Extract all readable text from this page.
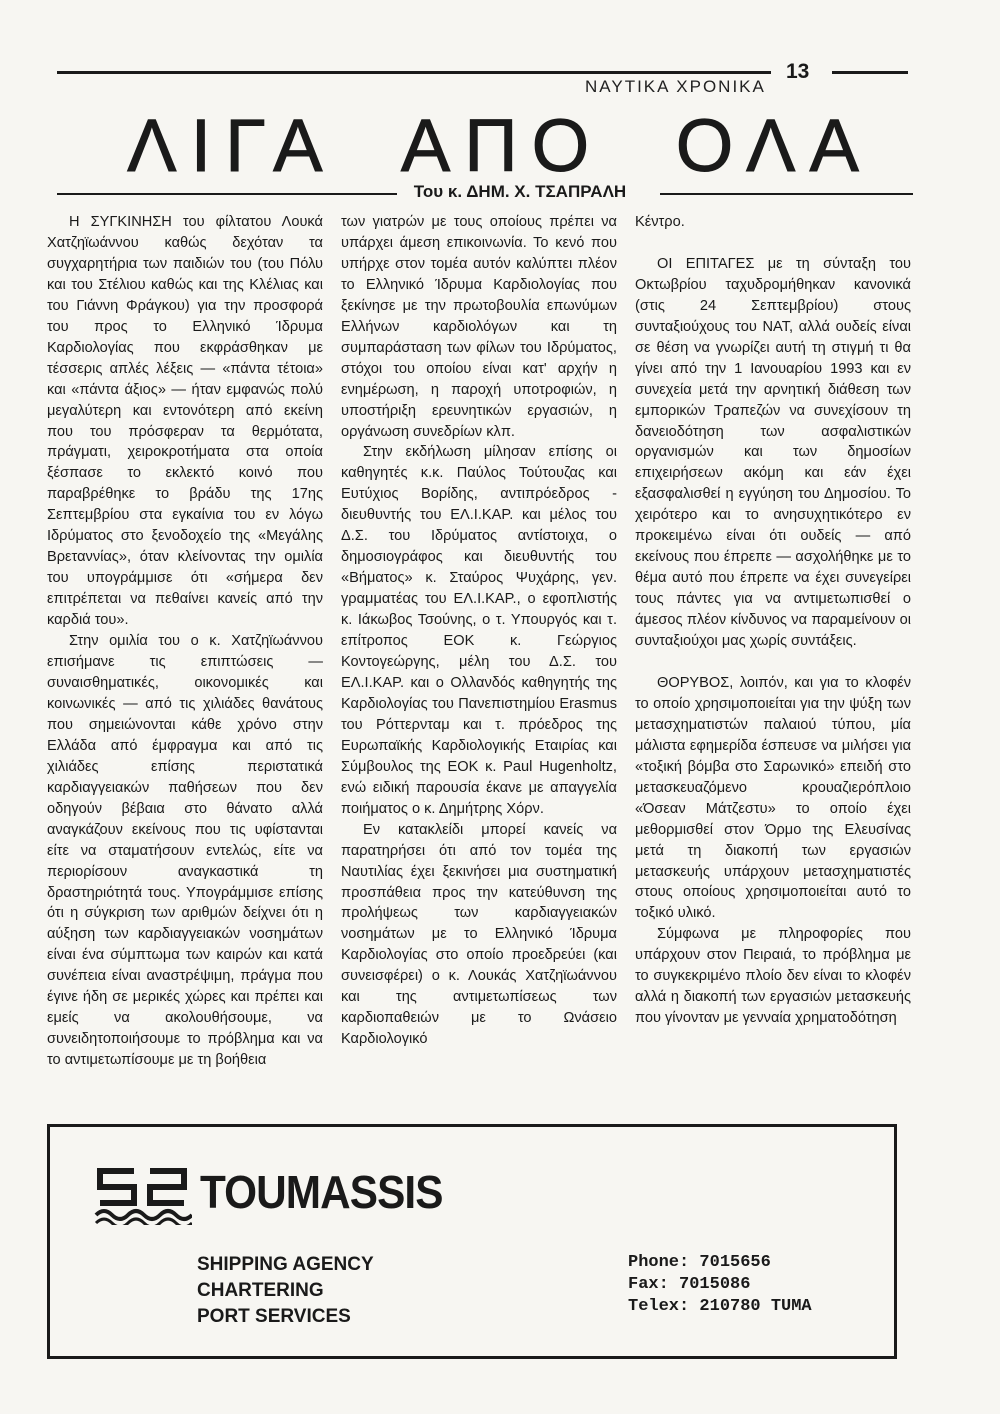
ΝΑΥΤΙΚΑ ΧΡΟΝΙΚΑ
13
ΛΙΓΑ ΑΠΟ ΟΛΑ
Του κ. ΔΗΜ. Χ. ΤΣΑΠΡΑΛΗ

Η ΣΥΓΚΙΝΗΣΗ του φίλτατου Λουκά Χατζηϊωάννου καθώς δεχόταν τα συγχαρητήρια των παιδιών του (του Πόλυ και του Στέλιου καθώς και της Κλέλιας και του Γιάννη Φράγκου) για την προσφορά του προς το Ελληνικό Ίδρυμα Καρδιολογίας που εκφράσθηκαν με τέσσερις απλές λέξεις — «πάντα τέτοια» και «πάντα άξιος» — ήταν εμφανώς πολύ μεγαλύτερη και εντονότερη από εκείνη που του πρόσφεραν τα θερμότατα, πράγματι, χειροκροτήματα στα οποία ξέσπασε το εκλεκτό κοινό που παραβρέθηκε το βράδυ της 17ης Σεπτεμβρίου στα εγκαίνια του εν λόγω Ιδρύματος στο ξενοδοχείο της «Μεγάλης Βρεταννίας», όταν κλείνοντας την ομιλία του υπογράμμισε ότι «σήμερα δεν επιτρέπεται να πεθαίνει κανείς από την καρδιά του».

Στην ομιλία του ο κ. Χατζηϊωάννου επισήμανε τις επιπτώσεις — συναισθηματικές, οικονομικές και κοινωνικές — από τις χιλιάδες θανάτους που σημειώνονται κάθε χρόνο στην Ελλάδα από έμφραγμα και από τις χιλιάδες επίσης περιστατικά καρδιαγγειακών παθήσεων που δεν οδηγούν βέβαια στο θάνατο αλλά αναγκάζουν εκείνους που τις υφίστανται είτε να σταματήσουν εντελώς, είτε να περιορίσουν αναγκαστικά τη δραστηριότητά τους. Υπογράμμισε επίσης ότι η σύγκριση των αριθμών δείχνει ότι η αύξηση των καρδιαγγειακών νοσημάτων είναι ένα σύμπτωμα των καιρών και κατά συνέπεια είναι αναστρέψιμη, πράγμα που έγινε ήδη σε μερικές χώρες και πρέπει και εμείς να ακολουθήσουμε, να συνειδητοποιήσουμε το πρόβλημα και να το αντιμετωπίσουμε με τη βοήθεια

των γιατρών με τους οποίους πρέπει να υπάρχει άμεση επικοινωνία. Το κενό που υπήρχε στον τομέα αυτόν καλύπτει πλέον το Ελληνικό Ίδρυμα Καρδιολογίας που ξεκίνησε με την πρωτοβουλία επωνύμων Ελλήνων καρδιολόγων και τη συμπαράσταση των φίλων του Ιδρύματος, στόχοι του οποίου είναι κατ' αρχήν η ενημέρωση, η παροχή υποτροφιών, η υποστήριξη ερευνητικών εργασιών, η οργάνωση συνεδρίων κλπ.

Στην εκδήλωση μίλησαν επίσης οι καθηγητές κ.κ. Παύλος Τούτουζας και Ευτύχιος Βορίδης, αντιπρόεδρος - διευθυντής του ΕΛ.Ι.ΚΑΡ. και μέλος του Δ.Σ. του Ιδρύματος αντίστοιχα, ο δημοσιογράφος και διευθυντής του «Βήματος» κ. Σταύρος Ψυχάρης, γεν. γραμματέας του ΕΛ.Ι.ΚΑΡ., ο εφοπλιστής κ. Ιάκωβος Τσούνης, ο τ. Υπουργός και τ. επίτροπος ΕΟΚ κ. Γεώργιος Κοντογεώργης, μέλη του Δ.Σ. του ΕΛ.Ι.ΚΑΡ. και ο Ολλανδός καθηγητής της Καρδιολογίας του Πανεπιστημίου Erasmus του Ρόττερνταμ και τ. πρόεδρος της Ευρωπαϊκής Καρδιολογικής Εταιρίας και Σύμβουλος της ΕΟΚ κ. Paul Hugenholtz, ενώ ειδική παρουσία έκανε με απαγγελία ποιήματος ο κ. Δημήτρης Χόρν.

Εν κατακλείδι μπορεί κανείς να παρατηρήσει ότι από τον τομέα της Ναυτιλίας έχει ξεκινήσει μια συστηματική προσπάθεια προς την κατεύθυνση της προλήψεως των καρδιαγγειακών νοσημάτων με το Ελληνικό Ίδρυμα Καρδιολογίας στο οποίο προεδρεύει (και συνεισφέρει) ο κ. Λουκάς Χατζηϊωάννου και της αντιμετωπίσεως των καρδιοπαθειών με το Ωνάσειο Καρδιολογικό

Κέντρο.

ΟΙ ΕΠΙΤΑΓΕΣ με τη σύνταξη του Οκτωβρίου ταχυδρομήθηκαν κανονικά (στις 24 Σεπτεμβρίου) στους συνταξιούχους του ΝΑΤ, αλλά ουδείς είναι σε θέση να γνωρίζει αυτή τη στιγμή τι θα γίνει από την 1 Ιανουαρίου 1993 και εν συνεχεία μετά την αρνητική διάθεση των εμπορικών Τραπεζών να συνεχίσουν τη δανειοδότηση των ασφαλιστικών οργανισμών και των δημοσίων επιχειρήσεων ακόμη και εάν έχει εξασφαλισθεί η εγγύηση του Δημοσίου. Το χειρότερο και το ανησυχητικότερο εν προκειμένω είναι ότι ουδείς — από εκείνους που έπρεπε — ασχολήθηκε με το θέμα αυτό που έπρεπε να έχει συνεγείρει τους πάντες για να αντιμετωπισθεί ο άμεσος πλέον κίνδυνος να παραμείνουν οι συνταξιούχοι μας χωρίς συντάξεις.

ΘΟΡΥΒΟΣ, λοιπόν, και για το κλοφέν το οποίο χρησιμοποιείται για την ψύξη των μετασχηματιστών παλαιού τύπου, μία μάλιστα εφημερίδα έσπευσε να μιλήσει για «τοξική βόμβα στο Σαρωνικό» επειδή στο μετασκευαζόμενο κρουαζιερόπλοιο «Όσεαν Μάτζεστυ» το οποίο έχει μεθορμισθεί στον Όρμο της Ελευσίνας μετά τη διακοπή των εργασιών μετασκευής υπάρχουν μετασχηματιστές στους οποίους χρησιμοποιείται αυτό το τοξικό υλικό.

Σύμφωνα με πληροφορίες που υπάρχουν στον Πειραιά, το πρόβλημα με το συγκεκριμένο πλοίο δεν είναι το κλοφέν αλλά η διακοπή των εργασιών μετασκευής που γίνονταν με γενναία χρηματοδότηση

TOUMASSIS
SHIPPING AGENCY
CHARTERING
PORT SERVICES
Phone: 7015656
Fax: 7015086
Telex: 210780 TUMA
